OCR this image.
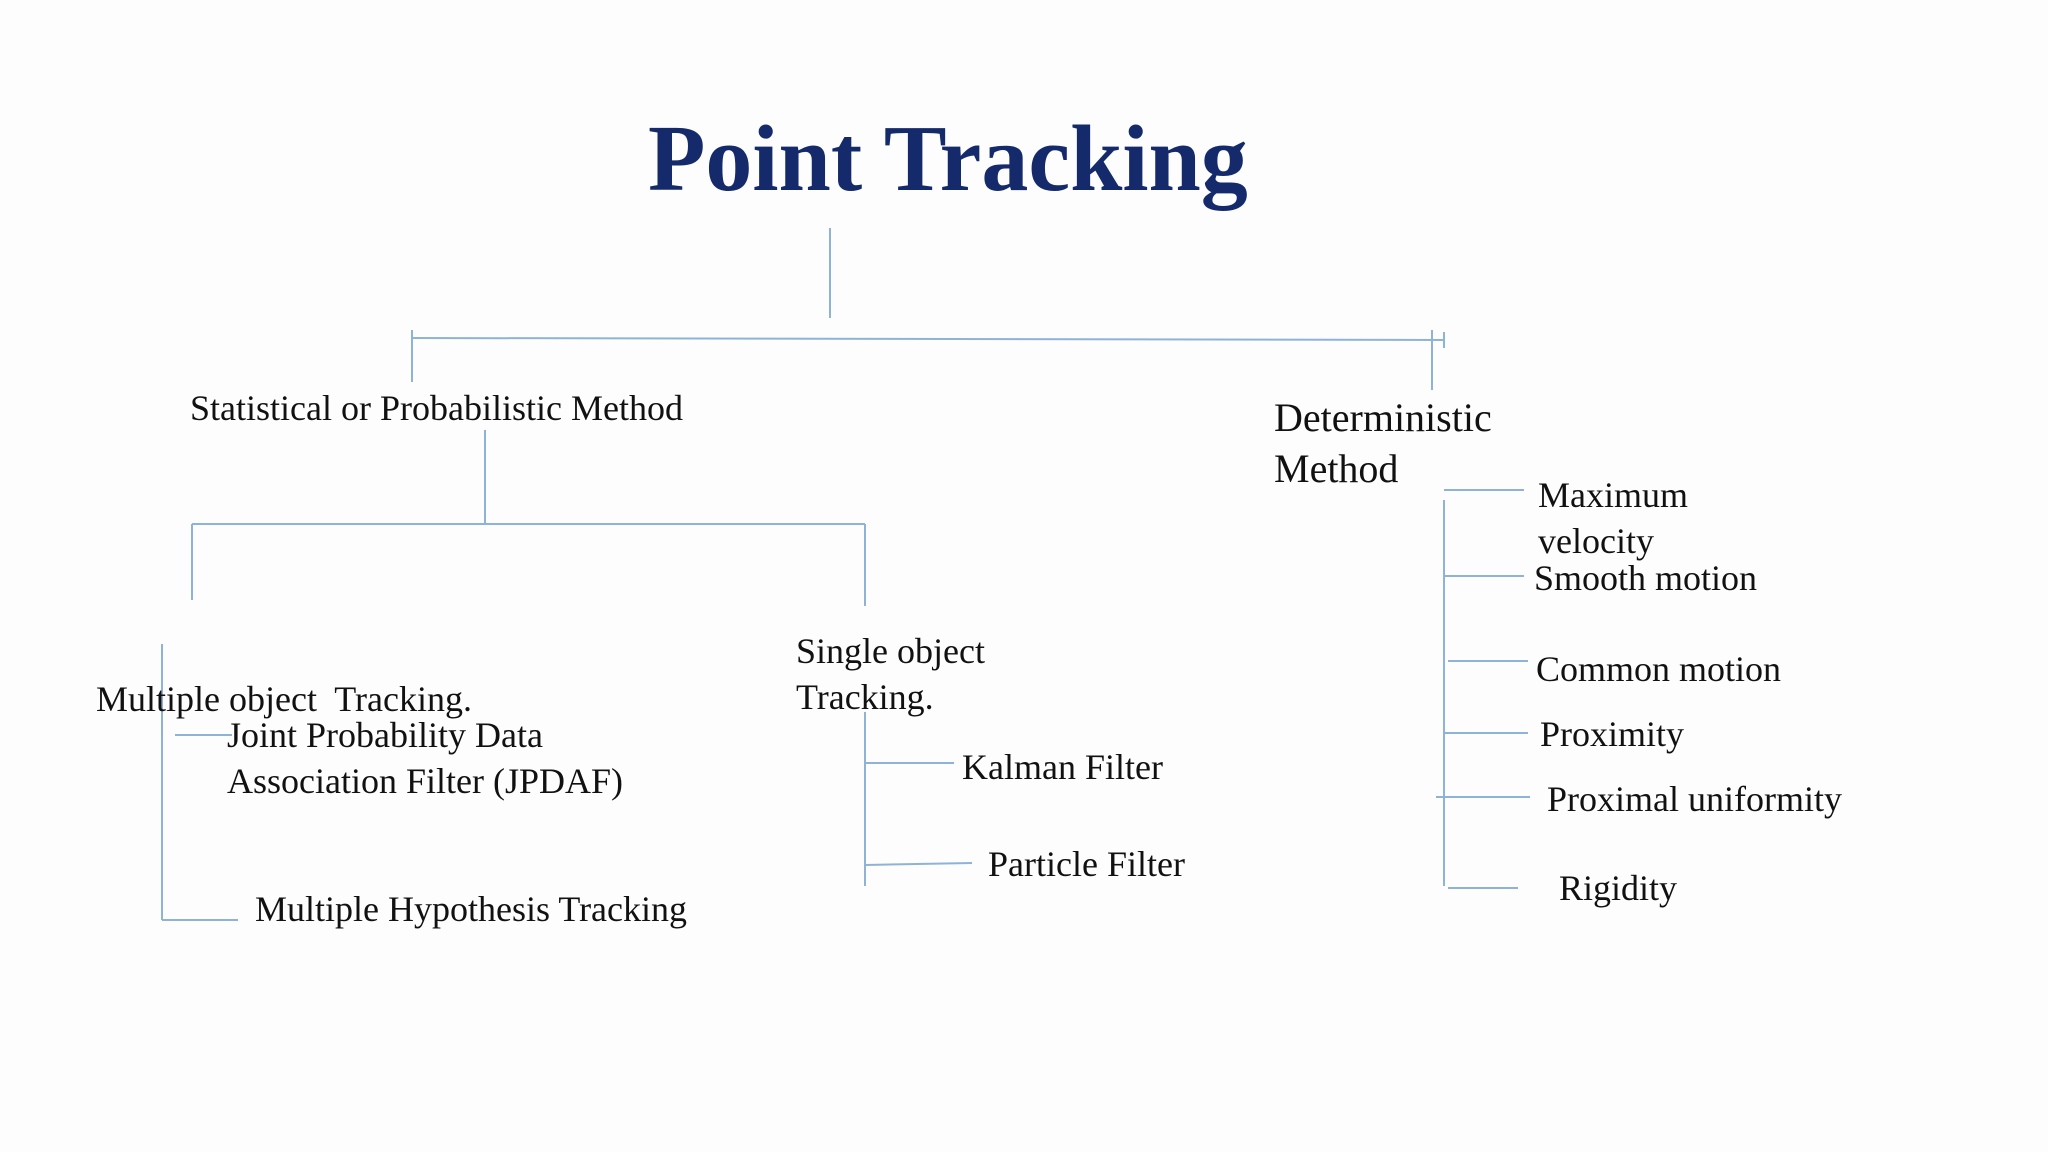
Point Tracking
Statistical or Probabilistic Method

Multiple object  Tracking.

Joint Probability Data
Association Filter (JPDAF)
Multiple Hypothesis Tracking
Single object
Tracking.
Kalman Filter
Particle Filter
Deterministic
Method
Maximum
velocity
Smooth motion
Common motion
Proximity
Proximal uniformity
Rigidity
